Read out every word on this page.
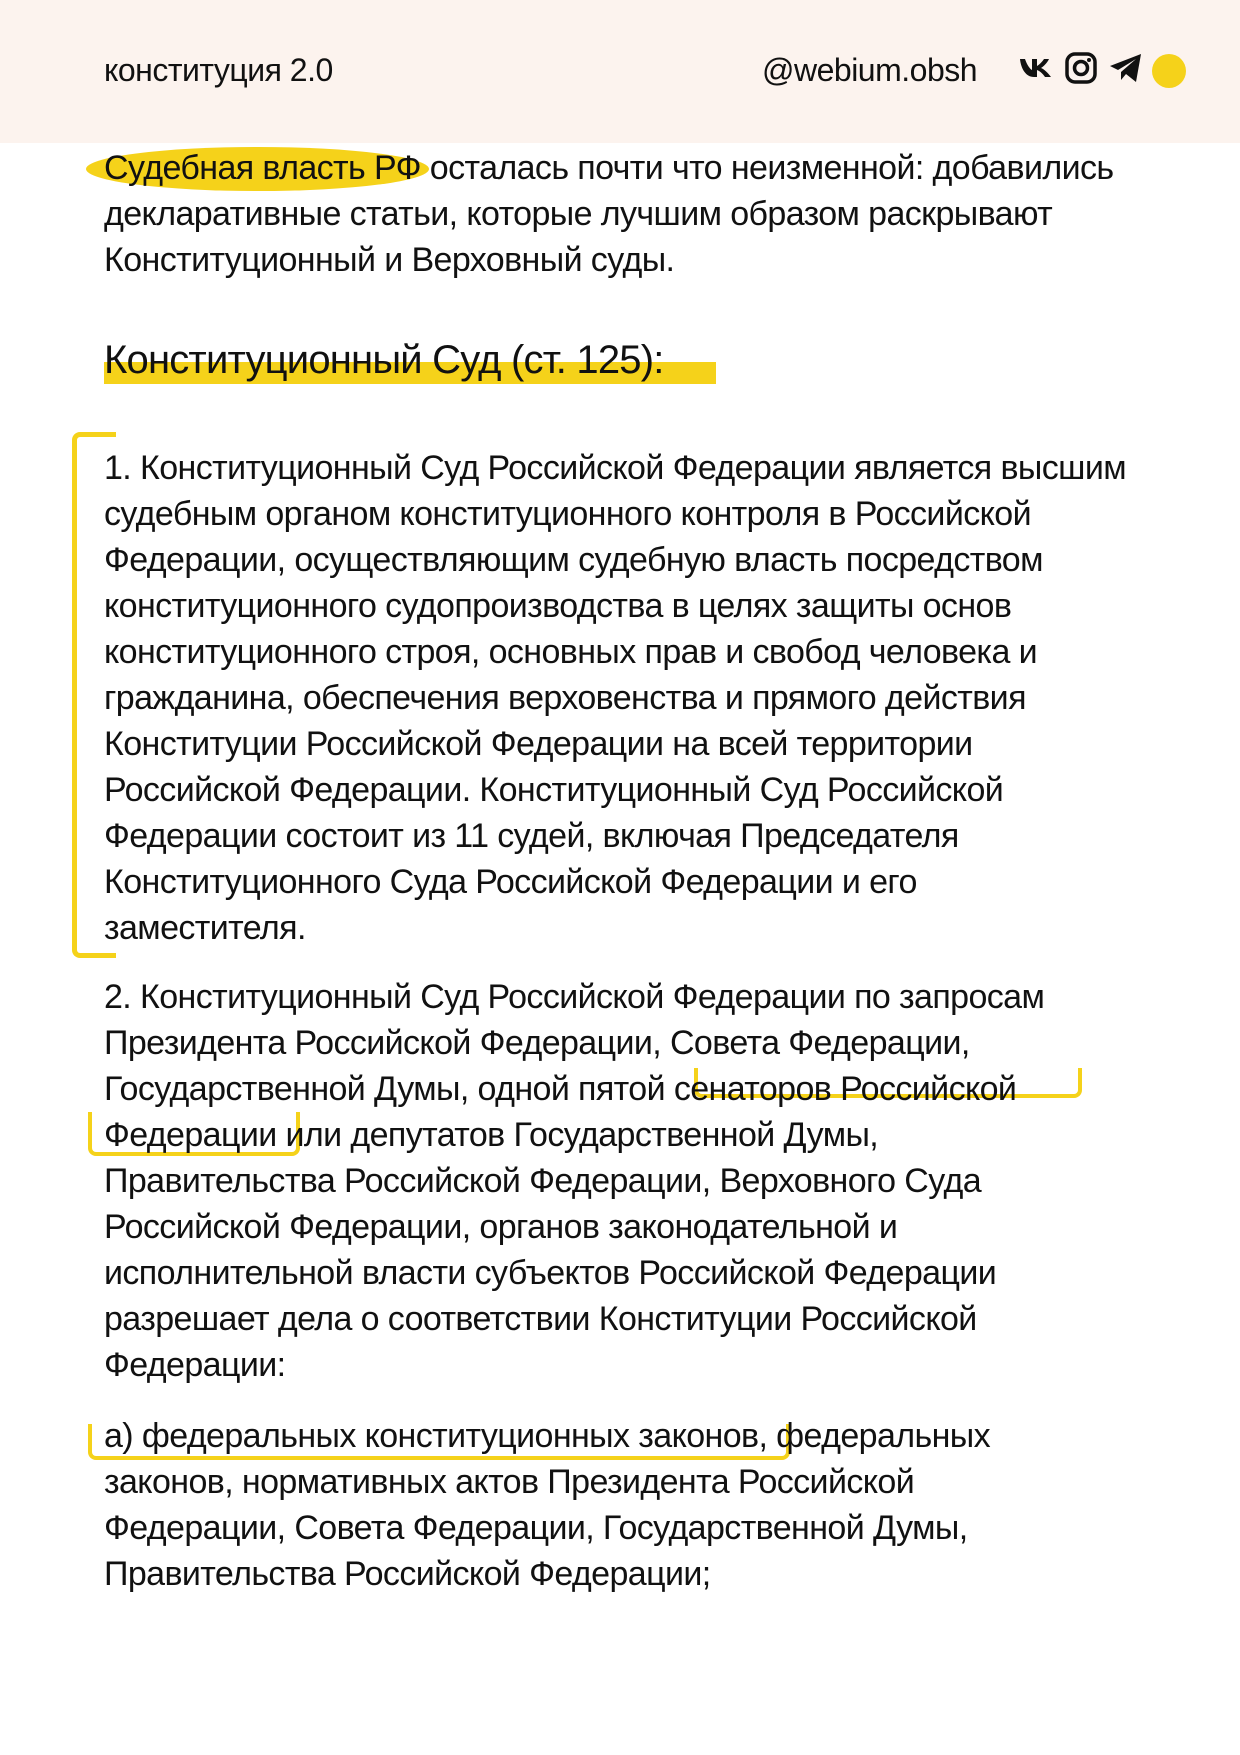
конституция 2.0	@webium.obsh
Судебная власть РФ осталась почти что неизменной: добавились
декларативные статьи, которые лучшим образом раскрывают
Конституционный и Верховный суды.
Конституционный Суд (ст. 125):
1. Конституционный Суд Российской Федерации является высшим
судебным органом конституционного контроля в Российской
Федерации, осуществляющим судебную власть посредством
конституционного судопроизводства в целях защиты основ
конституционного строя, основных прав и свобод человека и
гражданина, обеспечения верховенства и прямого действия
Конституции Российской Федерации на всей территории
Российской Федерации. Конституционный Суд Российской
Федерации состоит из 11 судей, включая Председателя
Конституционного Суда Российской Федерации и его
заместителя.
2. Конституционный Суд Российской Федерации по запросам
Президента Российской Федерации, Совета Федерации,
Государственной Думы, одной пятой сенаторов Российской
Федерации или депутатов Государственной Думы,
Правительства Российской Федерации, Верховного Суда
Российской Федерации, органов законодательной и
исполнительной власти субъектов Российской Федерации
разрешает дела о соответствии Конституции Российской
Федерации:
а) федеральных конституционных законов, федеральных
законов, нормативных актов Президента Российской
Федерации, Совета Федерации, Государственной Думы,
Правительства Российской Федерации;
